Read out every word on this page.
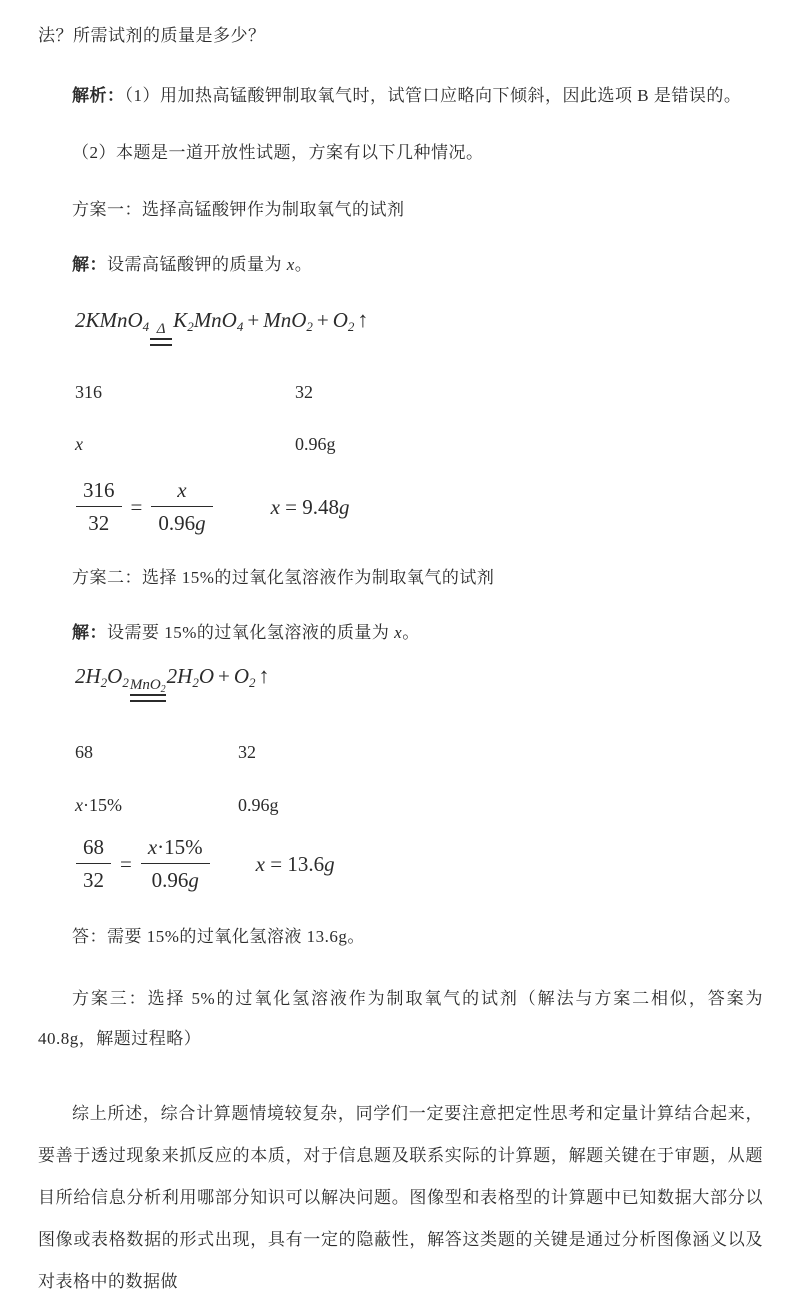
法？所需试剂的质量是多少？

解析：（1）用加热高锰酸钾制取氧气时，试管口应略向下倾斜，因此选项 B 是错误的。

（2）本题是一道开放性试题，方案有以下几种情况。

方案一：选择高锰酸钾作为制取氧气的试剂

解：设需高锰酸钾的质量为 x。

2KMnO$_4$ Δ $K_2MnO_4 + MnO_2 + O_2$ ↑

316	32

x	0.96g

$\frac{316}{32} = \frac{x}{0.96g}$	x = 9.48g

方案二：选择 15%的过氧化氢溶液作为制取氧气的试剂

解：设需要 15%的过氧化氢溶液的质量为 x。

$2H_2O_2$ MnO$_2$
$2H_2O + O_2$ ↑

68	32

x·15%	0.96g

$\frac{68}{32} = \frac{x\cdot 15\%}{0.96g}$ x = 13.6g

答：需要 15%的过氧化氢溶液 13.6g。

方案三：选择 5%的过氧化氢溶液作为制取氧气的试剂（解法与方案二相似，答案为 40.8g，解题过程略）

综上所述，综合计算题情境较复杂，同学们一定要注意把定性思考和定量计算结合起来，要善于透过现象来抓反应的本质，对于信息题及联系实际的计算题，解题关键在于审题，从题目所给信息分析利用哪部分知识可以解决问题。图像型和表格型的计算题中已知数据大部分以图像或表格数据的形式出现，具有一定的隐蔽性，解答这类题的关键是通过分析图像涵义以及对表格中的数据做
